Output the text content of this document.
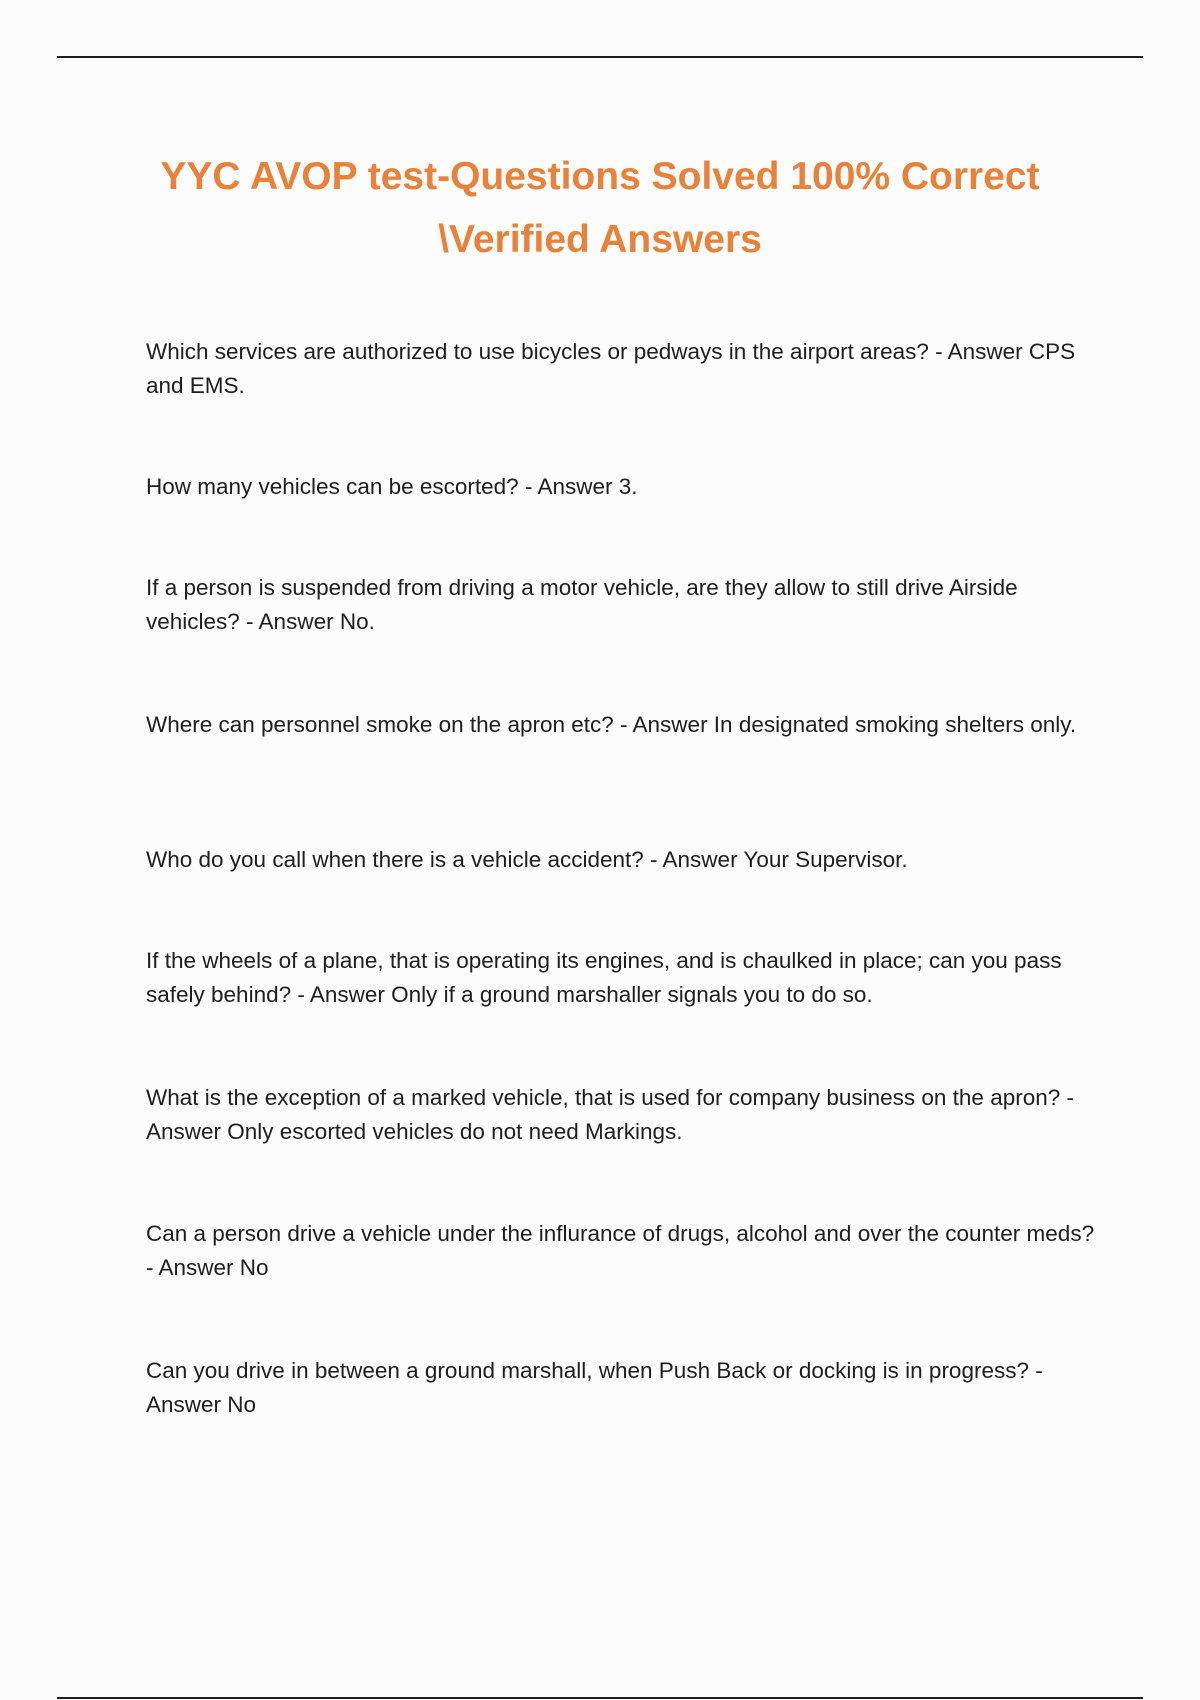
YYC AVOP test-Questions Solved 100% Correct \Verified Answers

Which services are authorized to use bicycles or pedways in the airport areas? - Answer CPS and EMS.

How many vehicles can be escorted? - Answer 3.

If a person is suspended from driving a motor vehicle, are they allow to still drive Airside vehicles? - Answer No.

Where can personnel smoke on the apron etc? - Answer In designated smoking shelters only.

Who do you call when there is a vehicle accident? - Answer Your Supervisor.

If the wheels of a plane, that is operating its engines, and is chaulked in place; can you pass safely behind? - Answer Only if a ground marshaller signals you to do so.

What is the exception of a marked vehicle, that is used for company business on the apron? - Answer Only escorted vehicles do not need Markings.

Can a person drive a vehicle under the influrance of drugs, alcohol and over the counter meds? - Answer No

Can you drive in between a ground marshall, when Push Back or docking is in progress? - Answer No
